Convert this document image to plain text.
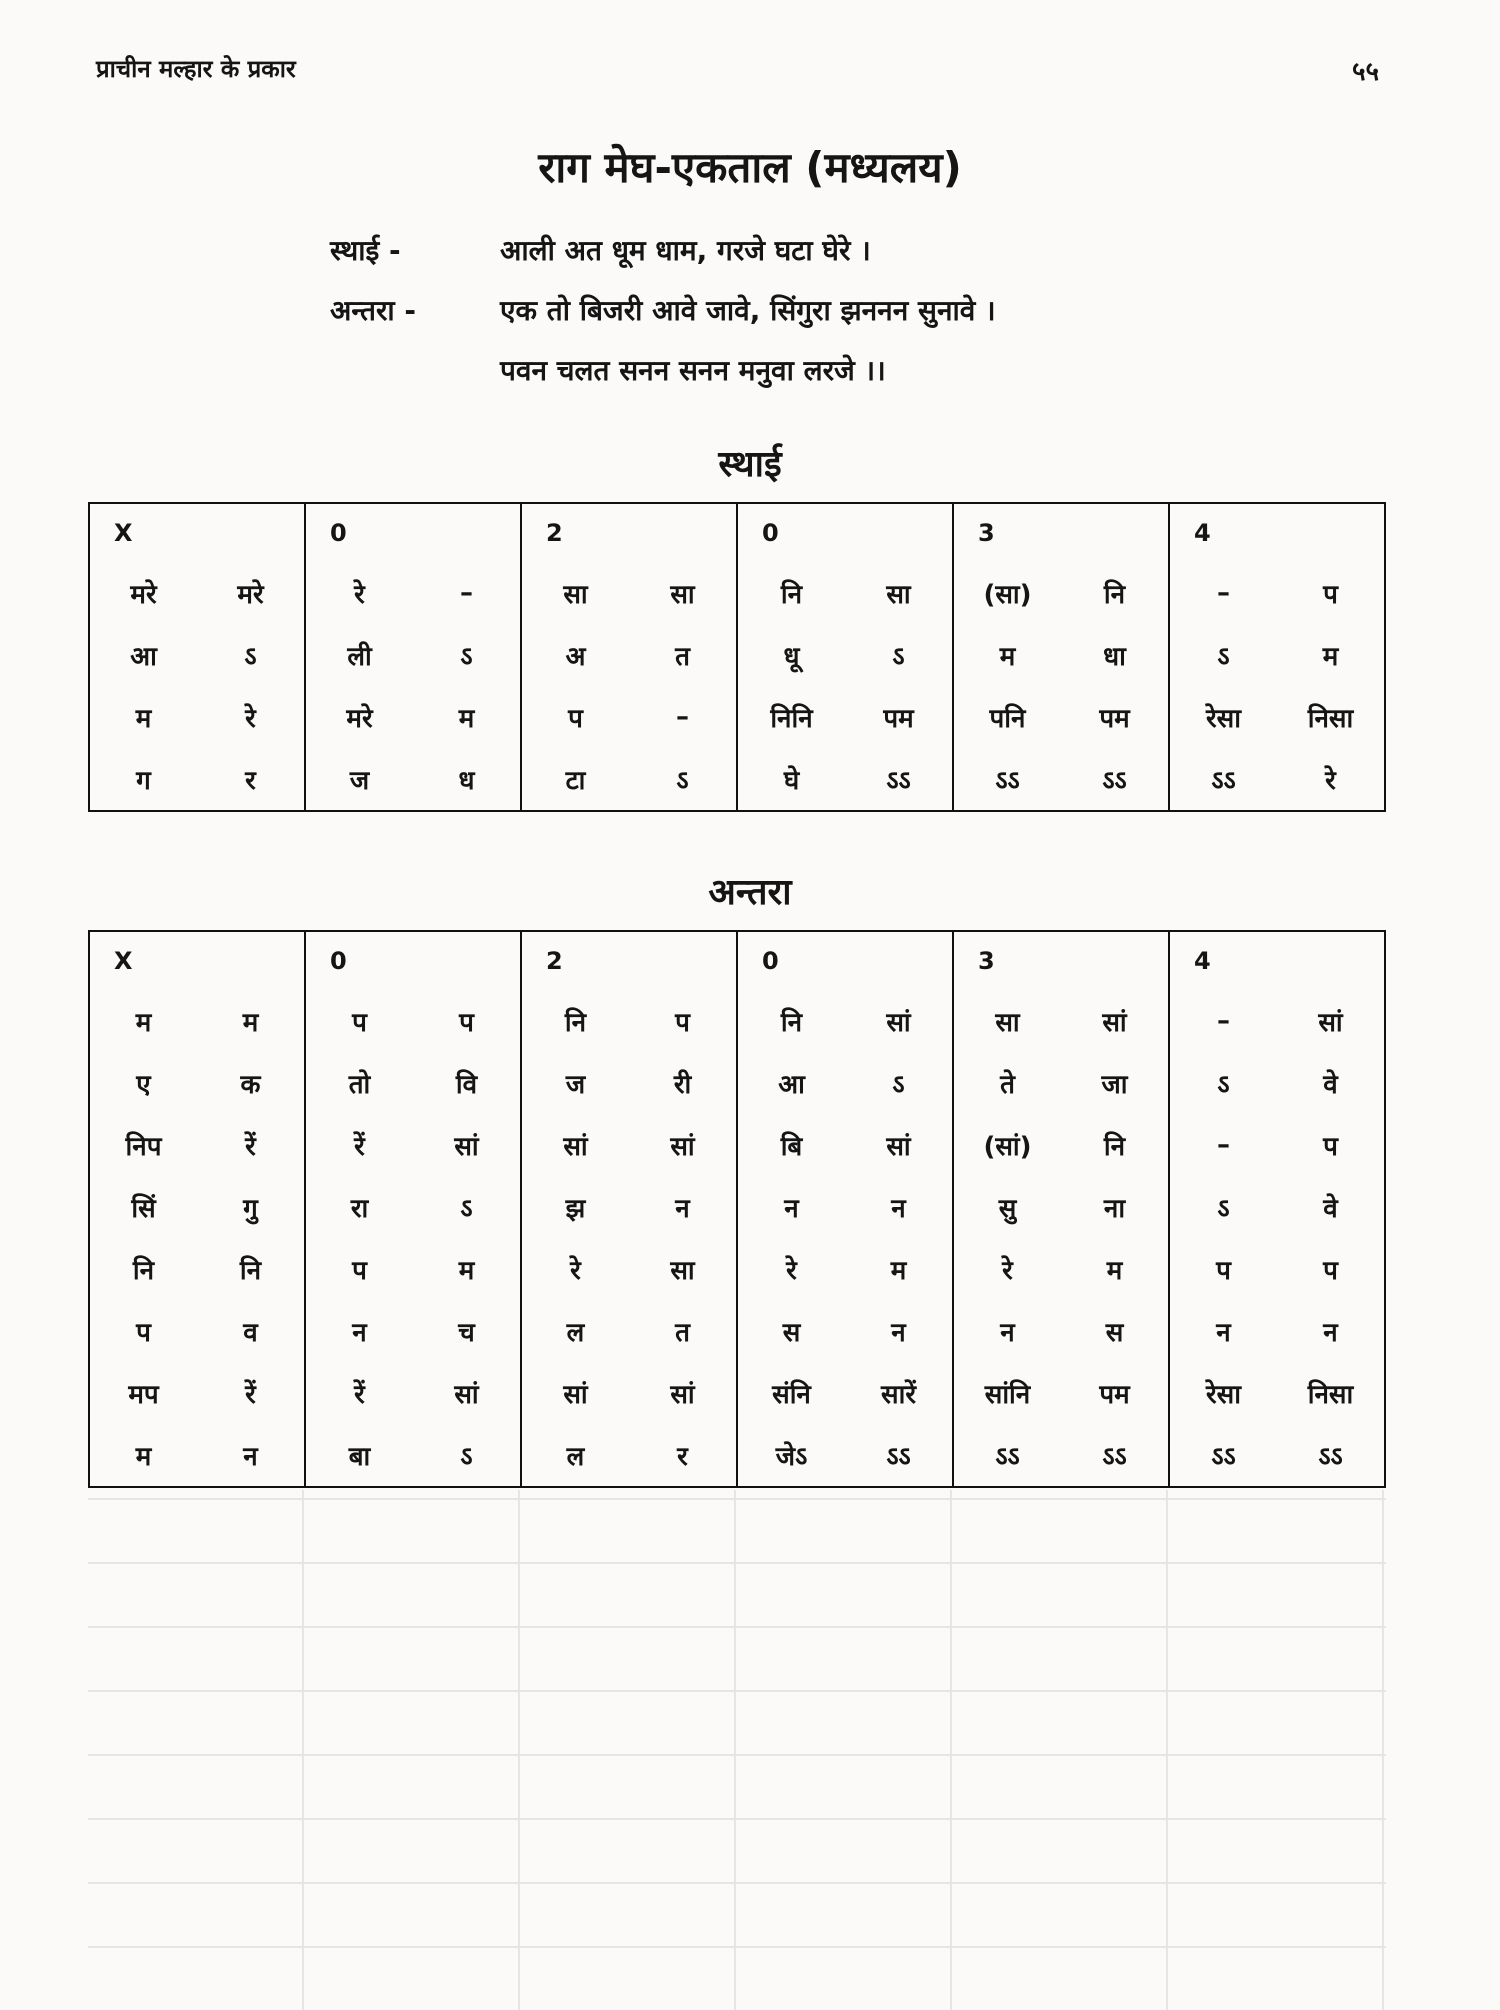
प्राचीन मल्हार के प्रकार	५५
राग मेघ-एकताल (मध्यलय)
स्थाई -	आली अत धूम धाम, गरजे घटा घेरे ।
अन्तरा -	एक तो बिजरी आवे जावे, सिंगुरा झननन सुनावे ।
पवन चलत सनन सनन मनुवा लरजे ।।
स्थाई
X		0		2		0		3		4	
मरे	मरे	रे	–	सा	सा	नि	सा	(सा)	नि	–	प
आ	ऽ	ली	ऽ	अ	त	धू	ऽ	म	धा	ऽ	म
म	रे	मरे	म	प	–	निनि	पम	पनि	पम	रेसा	निसा
ग	र	ज	ध	टा	ऽ	घे	ऽऽ	ऽऽ	ऽऽ	ऽऽ	रे
अन्तरा
X		0		2		0		3		4	
म	म	प	प	नि	प	नि	सां	सा	सां	–	सां
ए	क	तो	वि	ज	री	आ	ऽ	ते	जा	ऽ	वे
निप	रें	रें	सां	सां	सां	बि	सां	(सां)	नि	–	प
सिं	गु	रा	ऽ	झ	न	न	न	सु	ना	ऽ	वे
नि	नि	प	म	रे	सा	रे	म	रे	म	प	प
प	व	न	च	ल	त	स	न	न	स	न	न
मप	रें	रें	सां	सां	सां	संनि	सारें	सांनि	पम	रेसा	निसा
म	न	बा	ऽ	ल	र	जेऽ	ऽऽ	ऽऽ	ऽऽ	ऽऽ	ऽऽ
